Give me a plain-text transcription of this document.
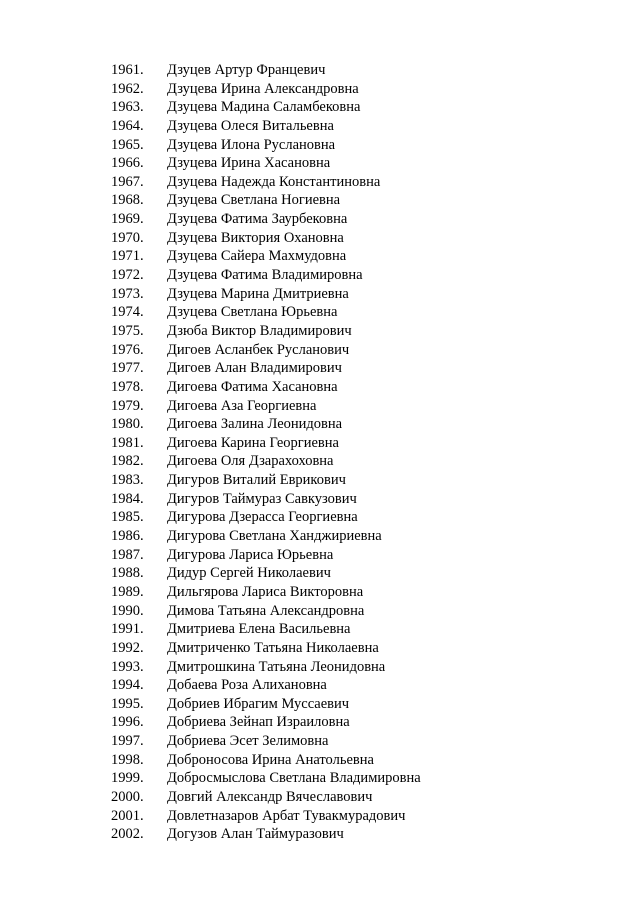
1961.	Дзуцев Артур Францевич
1962.	Дзуцева Ирина Александровна
1963.	Дзуцева Мадина Саламбековна
1964.	Дзуцева Олеся Витальевна
1965.	Дзуцева Илона Руслановна
1966.	Дзуцева Ирина Хасановна
1967.	Дзуцева Надежда Константиновна
1968.	Дзуцева Светлана Ногиевна
1969.	Дзуцева Фатима Заурбековна
1970.	Дзуцева Виктория Охановна
1971.	Дзуцева Сайера Махмудовна
1972.	Дзуцева Фатима Владимировна
1973.	Дзуцева Марина Дмитриевна
1974.	Дзуцева Светлана Юрьевна
1975.	Дзюба Виктор Владимирович
1976.	Дигоев Асланбек Русланович
1977.	Дигоев Алан Владимирович
1978.	Дигоева Фатима Хасановна
1979.	Дигоева Аза Георгиевна
1980.	Дигоева Залина Леонидовна
1981.	Дигоева Карина Георгиевна
1982.	Дигоева Оля Дзарахоховна
1983.	Дигуров Виталий Еврикович
1984.	Дигуров Таймураз Савкузович
1985.	Дигурова Дзерасса Георгиевна
1986.	Дигурова Светлана Ханджириевна
1987.	Дигурова Лариса Юрьевна
1988.	Дидур Сергей Николаевич
1989.	Дильгярова Лариса Викторовна
1990.	Димова Татьяна Александровна
1991.	Дмитриева Елена Васильевна
1992.	Дмитриченко Татьяна Николаевна
1993.	Дмитрошкина Татьяна Леонидовна
1994.	Добаева Роза Алихановна
1995.	Добриев Ибрагим Муссаевич
1996.	Добриева Зейнап Израиловна
1997.	Добриева Эсет Зелимовна
1998.	Доброносова Ирина Анатольевна
1999.	Добросмыслова Светлана Владимировна
2000.	Довгий Александр Вячеславович
2001.	Довлетназаров Арбат Тувакмурадович
2002.	Догузов Алан Таймуразович
